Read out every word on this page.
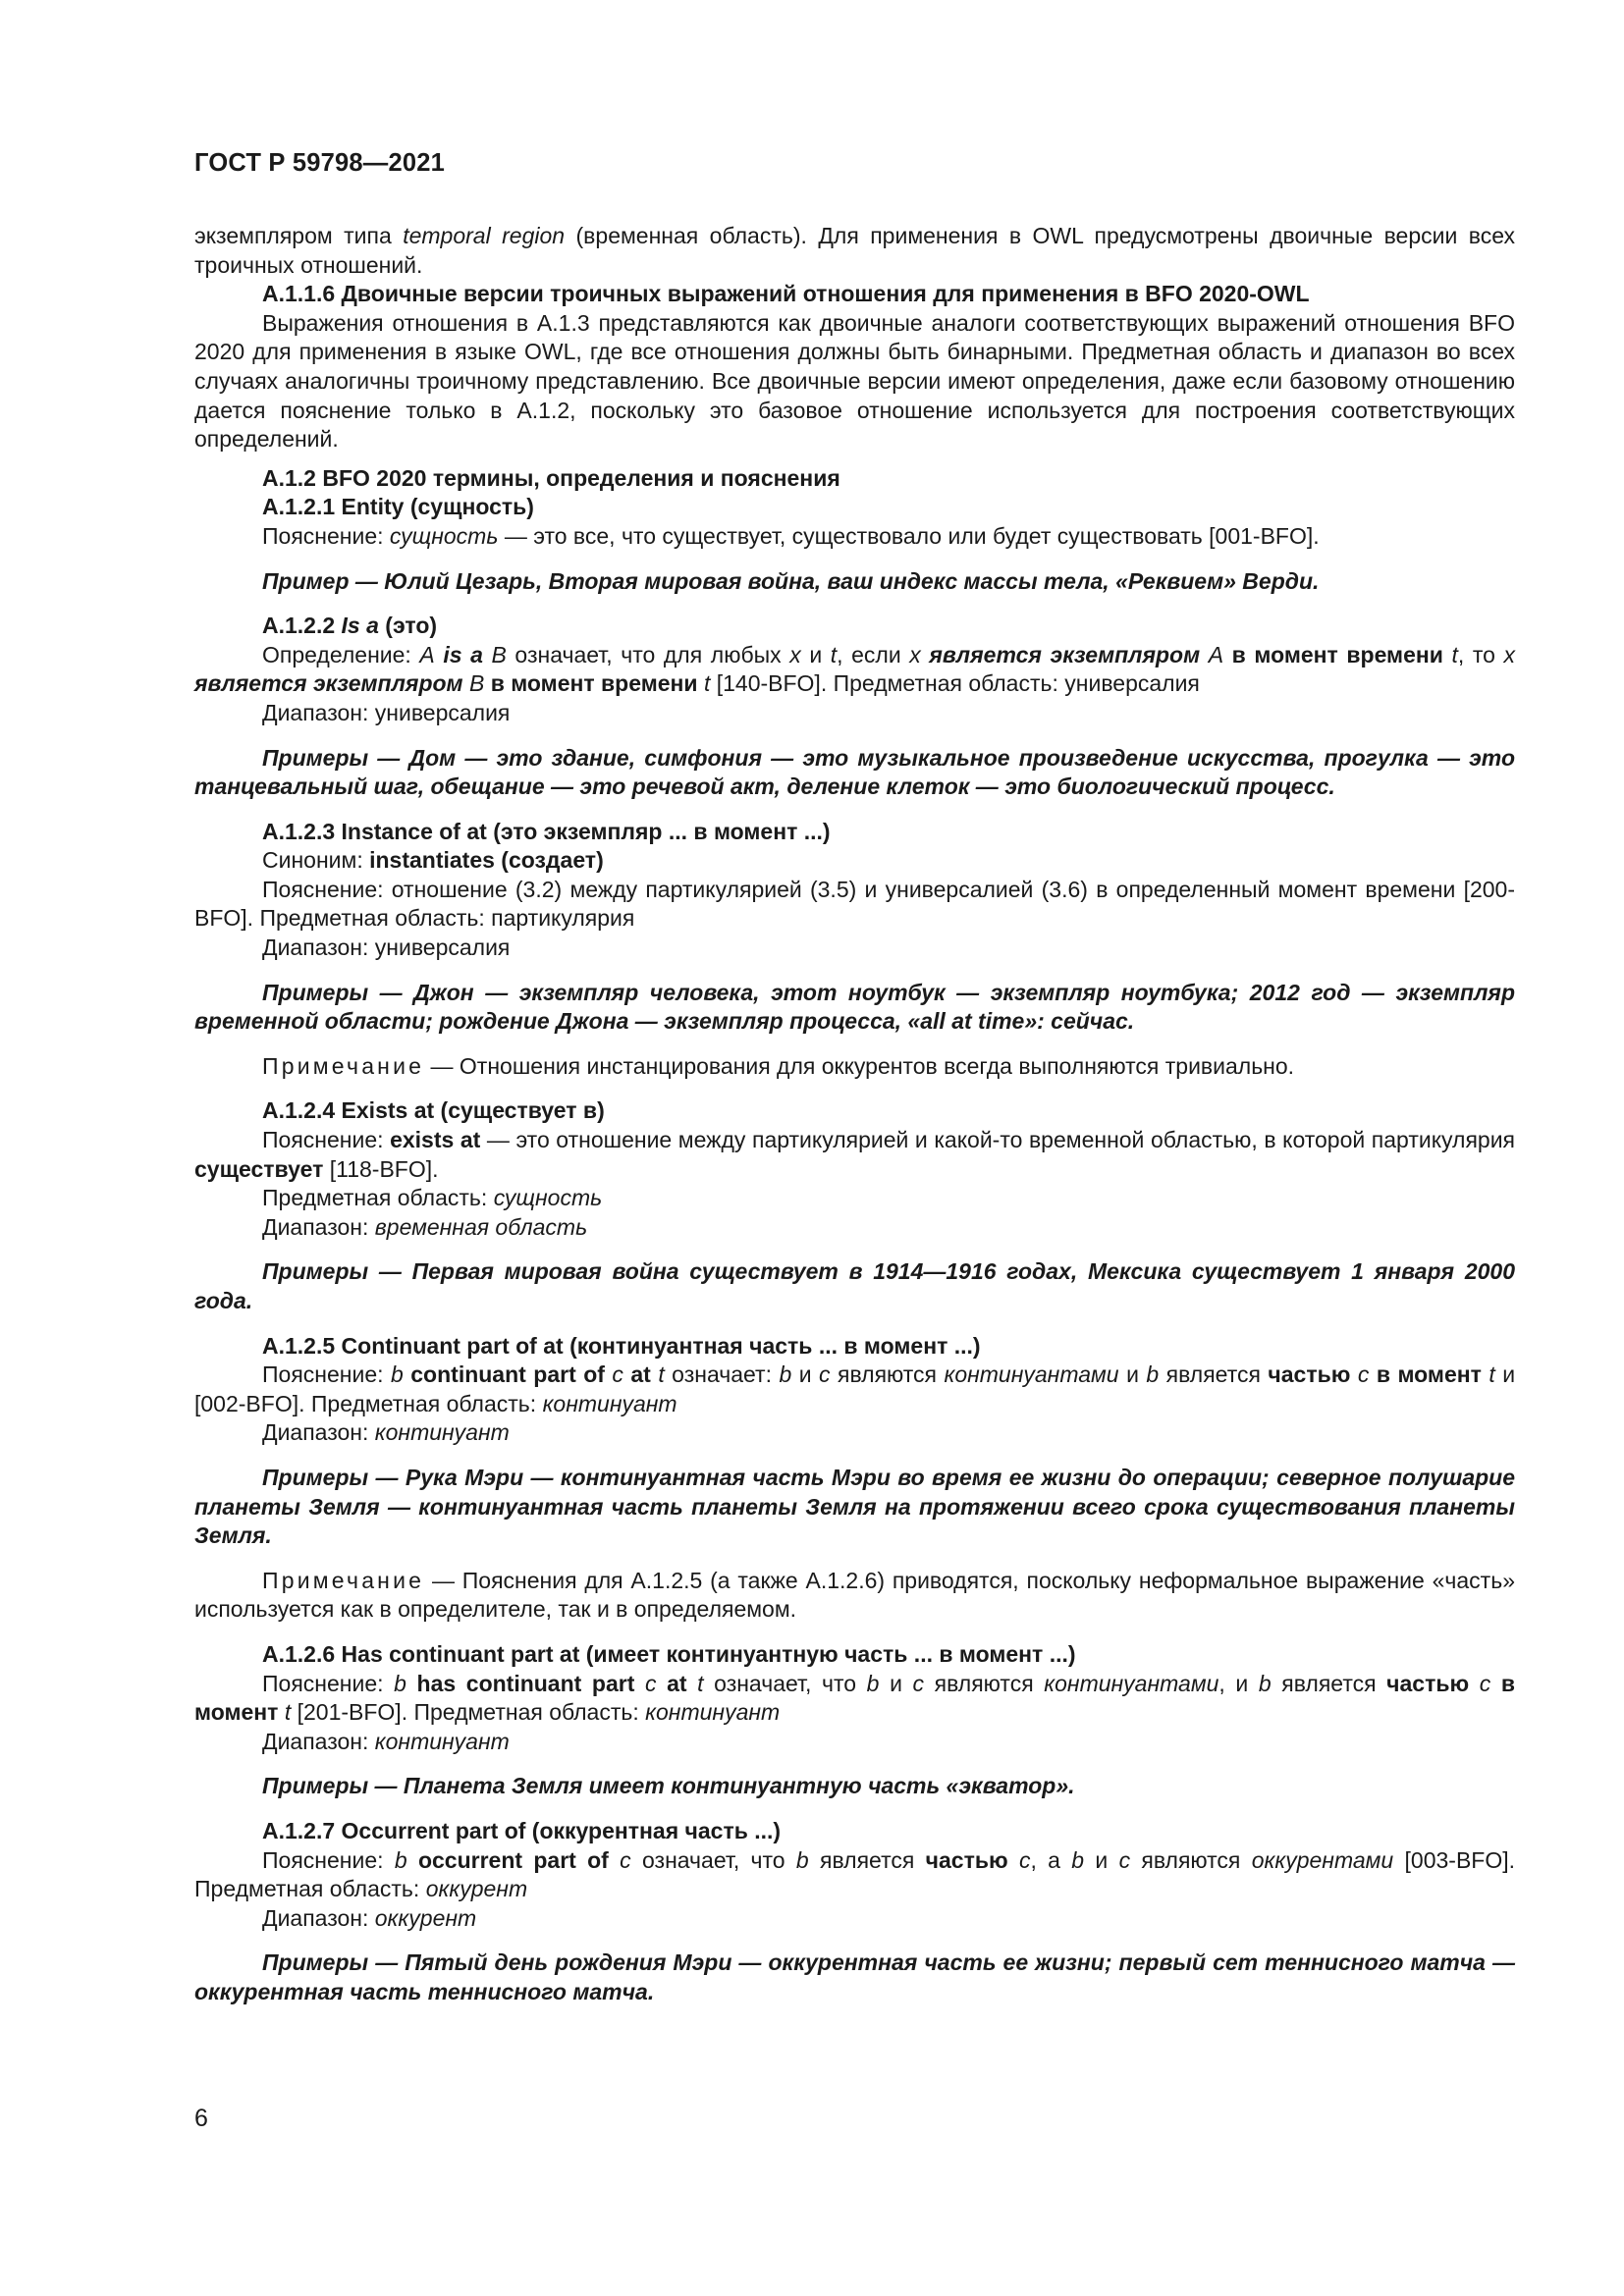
ГОСТ Р 59798—2021

экземпляром типа temporal region (временная область). Для применения в OWL предусмотрены двоичные версии всех троичных отношений.

А.1.1.6 Двоичные версии троичных выражений отношения для применения в BFO 2020-OWL

Выражения отношения в А.1.3 представляются как двоичные аналоги соответствующих выражений отношения BFO 2020 для применения в языке OWL, где все отношения должны быть бинарными. Предметная область и диапазон во всех случаях аналогичны троичному представлению. Все двоичные версии имеют определения, даже если базовому отношению дается пояснение только в А.1.2, поскольку это базовое отношение используется для построения соответствующих определений.

А.1.2 BFO 2020 термины, определения и пояснения

А.1.2.1 Entity (сущность)

Пояснение: сущность — это все, что существует, существовало или будет существовать [001-BFO].

Пример — Юлий Цезарь, Вторая мировая война, ваш индекс массы тела, «Реквием» Верди.

А.1.2.2 Is a (это)

Определение: A is a B означает, что для любых x и t, если x является экземпляром A в момент времени t, то x является экземпляром B в момент времени t [140-BFO]. Предметная область: универсалия

Диапазон: универсалия

Примеры — Дом — это здание, симфония — это музыкальное произведение искусства, прогулка — это танцевальный шаг, обещание — это речевой акт, деление клеток — это биологический процесс.

А.1.2.3 Instance of at (это экземпляр ... в момент ...)

Синоним: instantiates (создает)

Пояснение: отношение (3.2) между партикулярией (3.5) и универсалией (3.6) в определенный момент времени [200-BFO]. Предметная область: партикулярия

Диапазон: универсалия

Примеры — Джон — экземпляр человека, этот ноутбук — экземпляр ноутбука; 2012 год — экземпляр временной области; рождение Джона — экземпляр процесса, «all at time»: сейчас.

Примечание — Отношения инстанцирования для оккурентов всегда выполняются тривиально.

А.1.2.4 Exists at (существует в)

Пояснение: exists at — это отношение между партикулярией и какой-то временной областью, в которой партикулярия существует [118-BFO].

Предметная область: сущность

Диапазон: временная область

Примеры — Первая мировая война существует в 1914—1916 годах, Мексика существует 1 января 2000 года.

А.1.2.5 Continuant part of at (континуантная часть ... в момент ...)

Пояснение: b continuant part of c at t означает: b и c являются континуантами и b является частью c в момент t и [002-BFO]. Предметная область: континуант

Диапазон: континуант

Примеры — Рука Мэри — континуантная часть Мэри во время ее жизни до операции; северное полушарие планеты Земля — континуантная часть планеты Земля на протяжении всего срока существования планеты Земля.

Примечание — Пояснения для А.1.2.5 (а также А.1.2.6) приводятся, поскольку неформальное выражение «часть» используется как в определителе, так и в определяемом.

А.1.2.6 Has continuant part at (имеет континуантную часть ... в момент ...)

Пояснение: b has continuant part c at t означает, что b и c являются континуантами, и b является частью c в момент t [201-BFO]. Предметная область: континуант

Диапазон: континуант

Примеры — Планета Земля имеет континуантную часть «экватор».

А.1.2.7 Occurrent part of (оккурентная часть ...)

Пояснение: b occurrent part of c означает, что b является частью c, а b и c являются оккурентами [003-BFO]. Предметная область: оккурент

Диапазон: оккурент

Примеры — Пятый день рождения Мэри — оккурентная часть ее жизни; первый сет теннисного матча — оккурентная часть теннисного матча.

6
